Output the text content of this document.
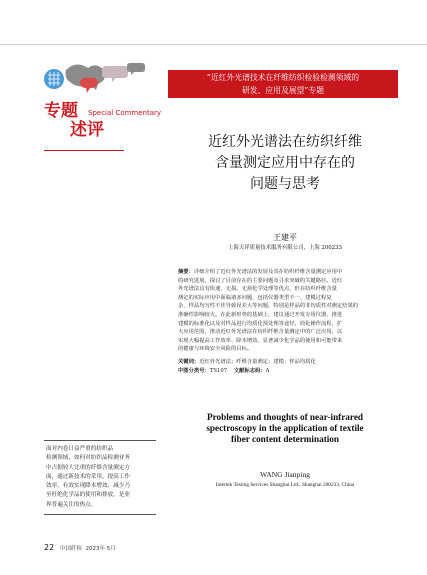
“近红外光谱技术在纤维纺织检验检测领域的
研发、应用及展望”专题
专题
述评
Special Commentary
近红外光谱法在纺织纤维
含量测定应用中存在的
问题与思考
王建平
上海天祥质量技术服务有限公司，上海 200233
摘要：详细介绍了近红外光谱法的发展及其在纺织纤维含量测定应用中
的研究进展，探讨了目前存在的主要问题及寻求突破的关键路径。近红
外光谱法具有快速、无损、无须化学处理等优点，但在纺织纤维含量
测定的实际应用中面临诸多问题，包括仪器类型不一、建模过程复
杂、样品均匀性不佳导致误差大等问题，特别是样品的非均质性对测定结果的
准确性影响较大。在此新形势的基础上，建议通过开发专用仪器、推进
建模的标准化以及对样品进行均质化预处理等途径，简化操作流程，扩
大应用范围，推动近红外光谱法在纺织纤维含量测定中的广泛应用，以
实现大幅提高工作效率、降本增效、显著减少化学品的使用和可能带来
的健康与环境安全风险的目标。
关键词：近红外光谱法；纤维含量测定；建模；样品均质化
中图分类号：TS107 文献标志码：A
Problems and thoughts of near-infrared
spectroscopy in the application of textile
fiber content determination
WANG Jianping
Intertek Testing Services Shanghai Ltd., Shanghai 200233, China
面对内卷日益严重的纺织品
检测领域，如何对纺织品检测业务
中占据较大比重的纤维含量测定方
面，通过新技术的采用，提高工作
效率，有效实现降本增效、减少乃
至杜绝化学品的使用和排放，是业
界普遍关注的热点。
22 中国纤检 2023年 5月
